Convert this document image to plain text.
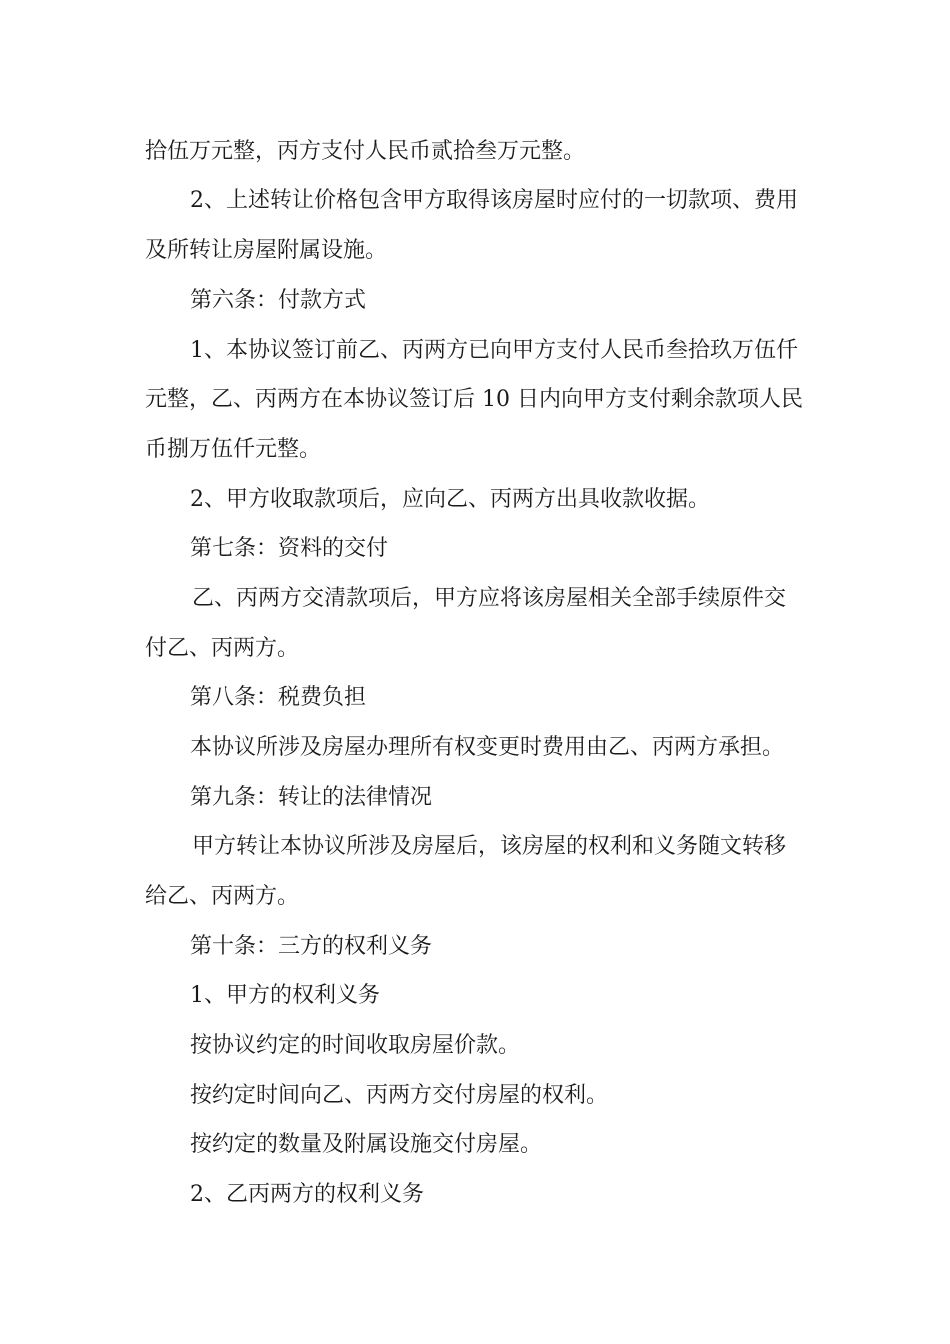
拾伍万元整，丙方支付人民币贰拾叁万元整。
2、上述转让价格包含甲方取得该房屋时应付的一切款项、费用
及所转让房屋附属设施。
第六条：付款方式
1、本协议签订前乙、丙两方已向甲方支付人民币叁拾玖万伍仟
元整，乙、丙两方在本协议签订后 10 日内向甲方支付剩余款项人民
币捌万伍仟元整。
2、甲方收取款项后，应向乙、丙两方出具收款收据。
第七条：资料的交付
乙、丙两方交清款项后，甲方应将该房屋相关全部手续原件交
付乙、丙两方。
第八条：税费负担
本协议所涉及房屋办理所有权变更时费用由乙、丙两方承担。
第九条：转让的法律情况
甲方转让本协议所涉及房屋后，该房屋的权利和义务随文转移
给乙、丙两方。
第十条：三方的权利义务
1、甲方的权利义务
按协议约定的时间收取房屋价款。
按约定时间向乙、丙两方交付房屋的权利。
按约定的数量及附属设施交付房屋。
2、乙丙两方的权利义务
